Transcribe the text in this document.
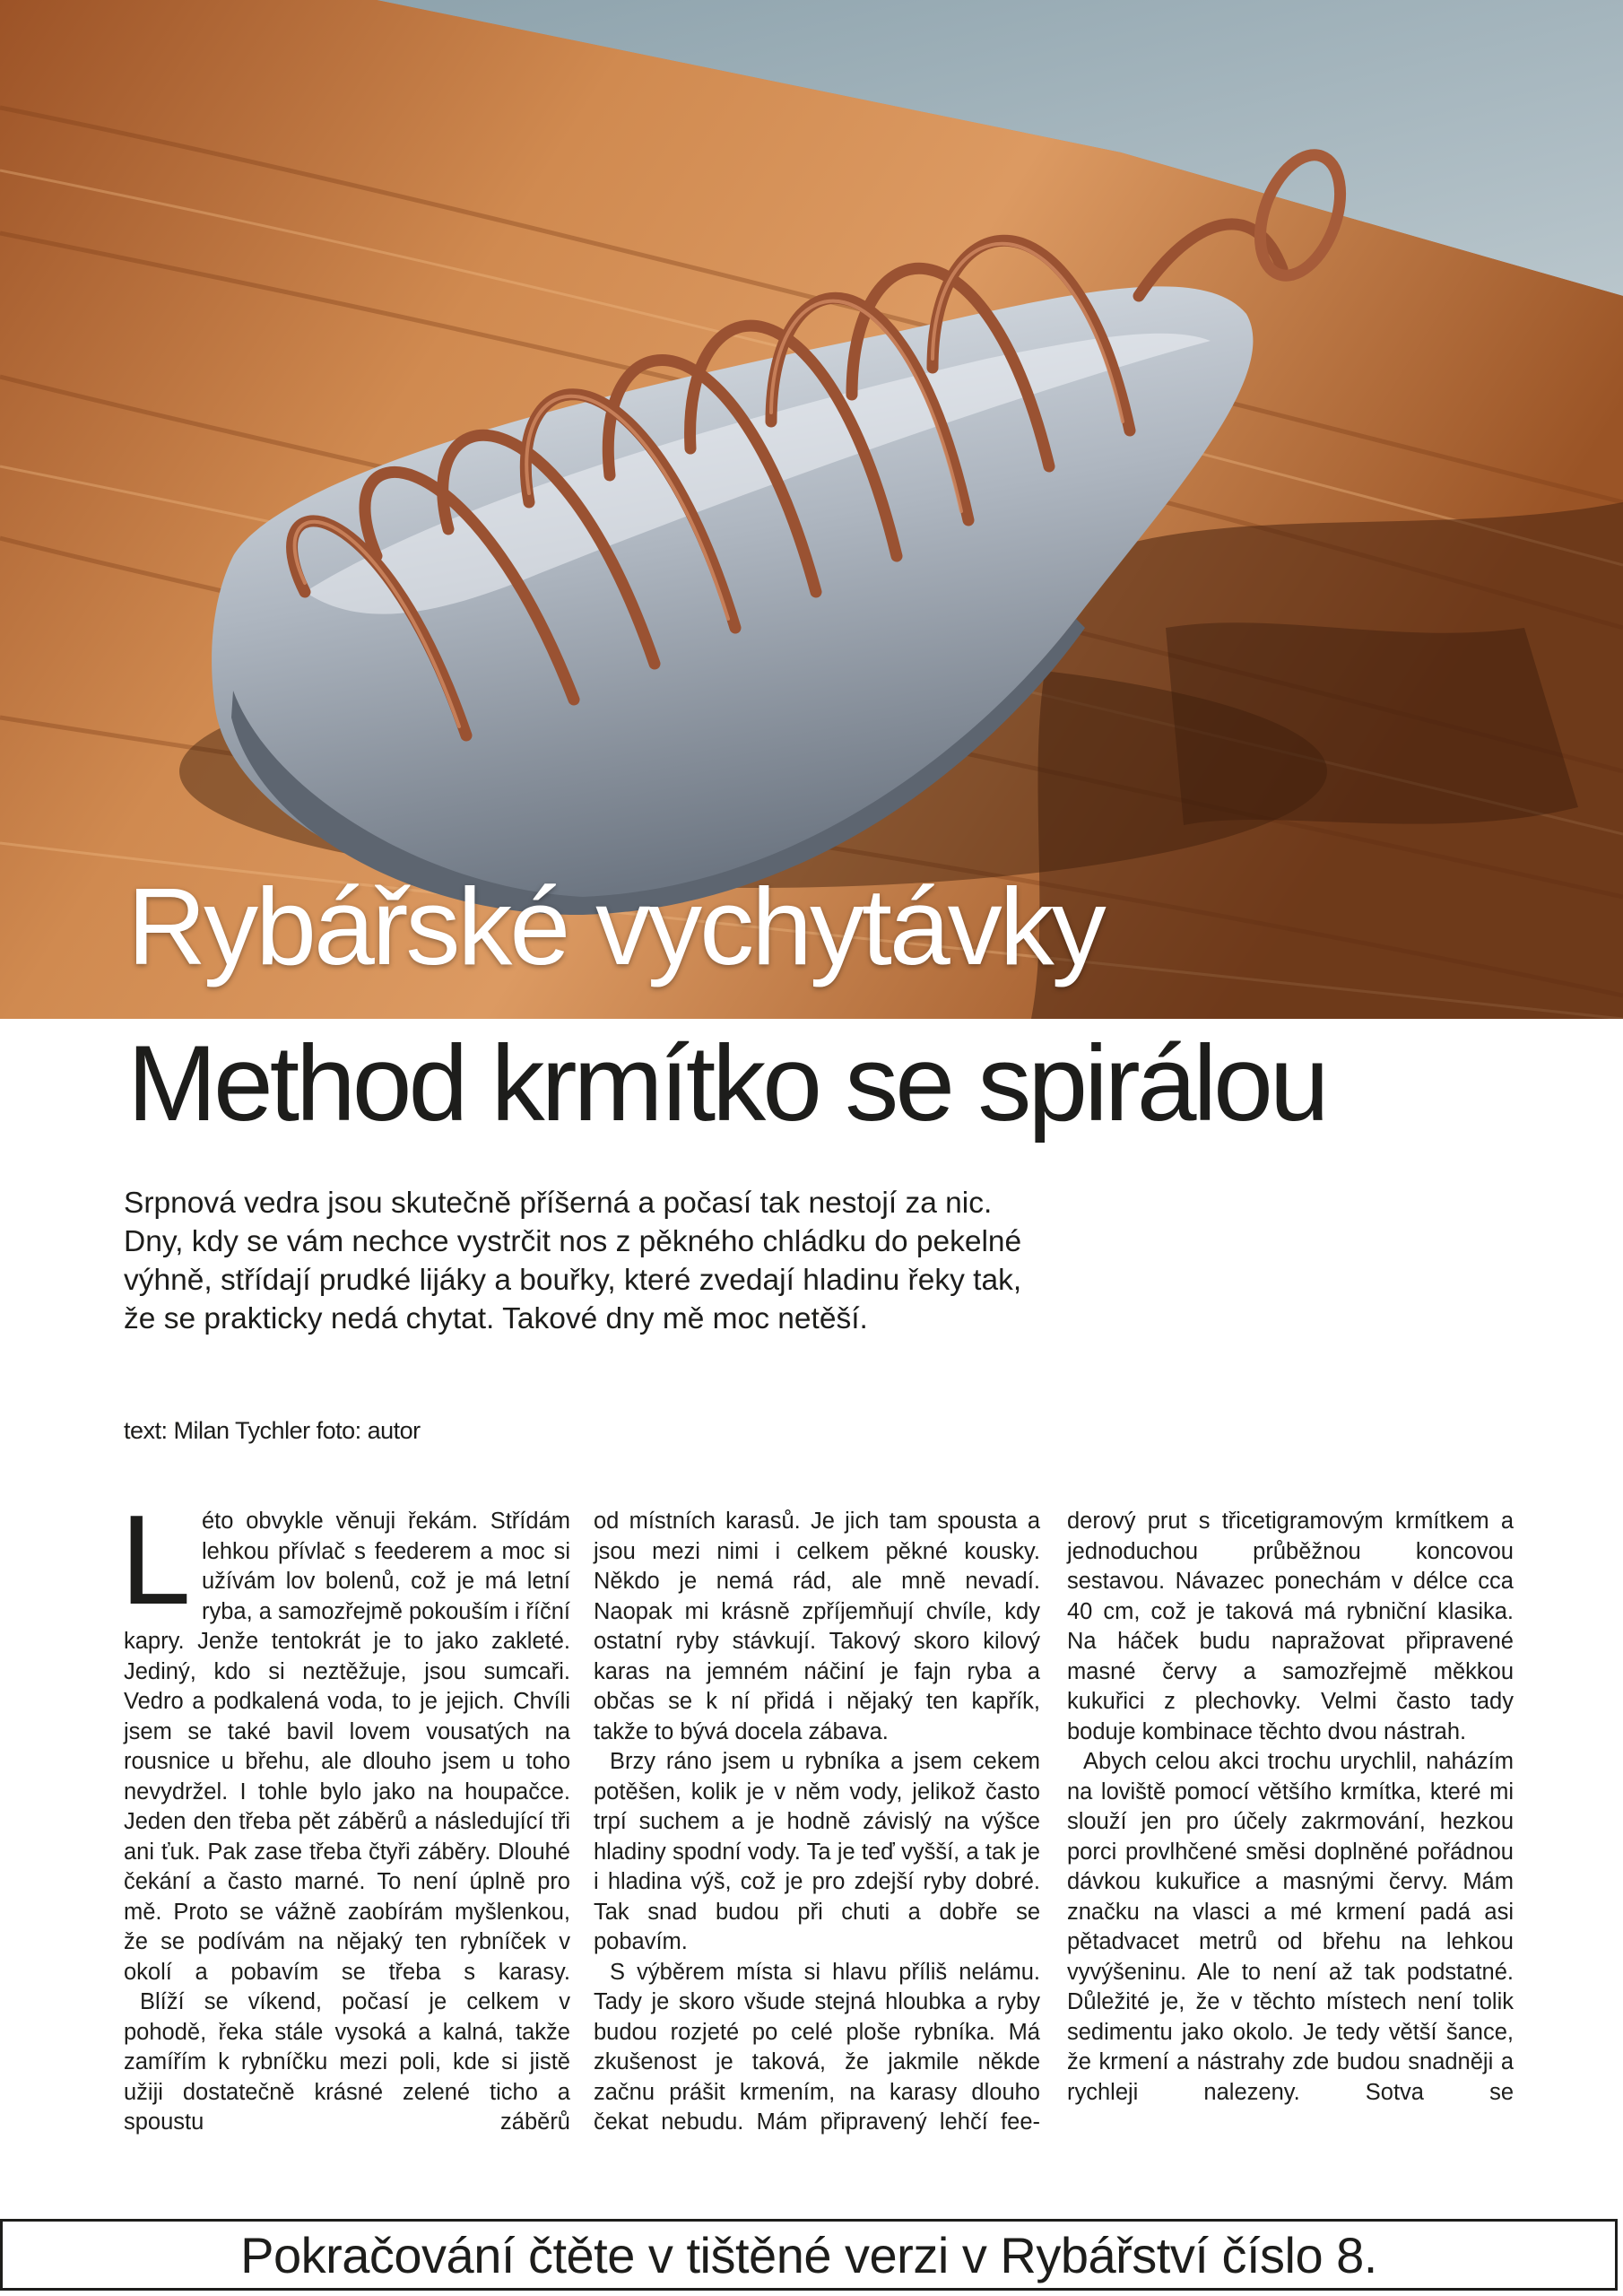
Rybářské vychytávky
Method krmítko se spirálou
Srpnová vedra jsou skutečně příšerná a počasí tak nestojí za nic.
Dny, kdy se vám nechce vystrčit nos z pěkného chládku do pekelné
výhně, střídají prudké lijáky a bouřky, které zvedají hladinu řeky tak,
že se prakticky nedá chytat. Takové dny mě moc netěší.

text: Milan Tychler foto: autor

Léto obvykle věnuji řekám. Střídám lehkou přívlač s feederem a moc si užívám lov bolenů, což je má letní ryba, a samozřejmě pokouším i říční kapry. Jenže tentokrát je to jako zakleté. Jediný, kdo si neztěžuje, jsou sumcaři. Vedro a podkalená voda, to je jejich. Chvíli jsem se také bavil lovem vousatých na rousnice u břehu, ale dlouho jsem u toho nevydržel. I tohle bylo jako na houpačce. Jeden den třeba pět záběrů a následující tři ani ťuk. Pak zase třeba čtyři záběry. Dlouhé čekání a často marné. To není úplně pro mě. Proto se vážně zaobírám myšlenkou, že se podívám na nějaký ten rybníček v okolí a pobavím se třeba s karasy.

Blíží se víkend, počasí je celkem v pohodě, řeka stále vysoká a kalná, takže zamířím k rybníčku mezi poli, kde si jistě užiji dostatečně krásné zelené ticho a spoustu záběrů

od místních karasů. Je jich tam spousta a jsou mezi nimi i celkem pěkné kousky. Někdo je nemá rád, ale mně nevadí. Naopak mi krásně zpříjemňují chvíle, kdy ostatní ryby stávkují. Takový skoro kilový karas na jemném náčiní je fajn ryba a občas se k ní přidá i nějaký ten kapřík, takže to bývá docela zábava.

Brzy ráno jsem u rybníka a jsem cekem potěšen, kolik je v něm vody, jelikož často trpí suchem a je hodně závislý na výšce hladiny spodní vody. Ta je teď vyšší, a tak je i hladina výš, což je pro zdejší ryby dobré. Tak snad budou při chuti a dobře se pobavím.

S výběrem místa si hlavu příliš nelámu. Tady je skoro všude stejná hloubka a ryby budou rozjeté po celé ploše rybníka. Má zkušenost je taková, že jakmile někde začnu prášit krmením, na karasy dlouho čekat nebudu. Mám připravený lehčí fee-

derový prut s třicetigramovým krmítkem a jednoduchou průběžnou koncovou sestavou. Návazec ponechám v délce cca 40 cm, což je taková má rybniční klasika. Na háček budu napražovat připravené masné červy a samozřejmě měkkou kukuřici z plechovky. Velmi často tady boduje kombinace těchto dvou nástrah.

Abych celou akci trochu urychlil, naházím na loviště pomocí většího krmítka, které mi slouží jen pro účely zakrmování, hezkou porci provlhčené směsi doplněné pořádnou dávkou kukuřice a masnými červy. Mám značku na vlasci a mé krmení padá asi pětadvacet metrů od břehu na lehkou vyvýšeninu. Ale to není až tak podstatné. Důležité je, že v těchto místech není tolik sedimentu jako okolo. Je tedy větší šance, že krmení a nástrahy zde budou snadněji a rychleji nalezeny. Sotva se

Pokračování čtěte v tištěné verzi v Rybářství číslo 8.
